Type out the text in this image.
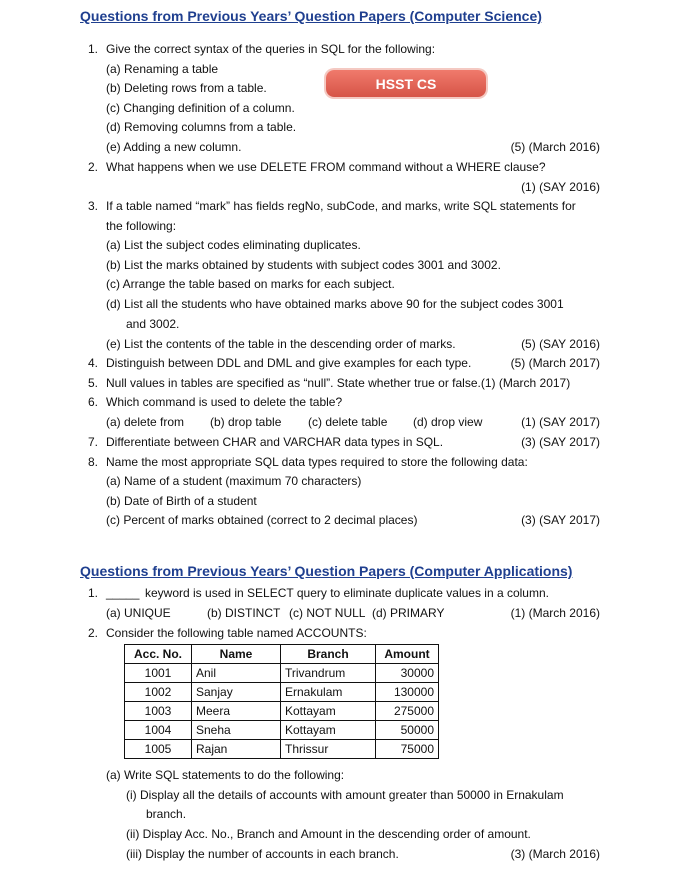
Questions from Previous Years’ Question Papers (Computer Science)
HSST CS
1. Give the correct syntax of the queries in SQL for the following:
(a) Renaming a table
(b) Deleting rows from a table.
(c) Changing definition of a column.
(d) Removing columns from a table.
(e) Adding a new column.	(5) (March 2016)
2. What happens when we use DELETE FROM command without a WHERE clause?
(1) (SAY 2016)
3. If a table named “mark” has fields regNo, subCode, and marks, write SQL statements for
the following:
(a) List the subject codes eliminating duplicates.
(b) List the marks obtained by students with subject codes 3001 and 3002.
(c) Arrange the table based on marks for each subject.
(d) List all the students who have obtained marks above 90 for the subject codes 3001
and 3002.
(e) List the contents of the table in the descending order of marks.	(5) (SAY 2016)
4. Distinguish between DDL and DML and give examples for each type.	(5) (March 2017)
5. Null values in tables are specified as “null”. State whether true or false.(1) (March 2017)
6. Which command is used to delete the table?
(a) delete from (b) drop table (c) delete table (d) drop view	(1) (SAY 2017)
7. Differentiate between CHAR and VARCHAR data types in SQL.	(3) (SAY 2017)
8. Name the most appropriate SQL data types required to store the following data:
(a) Name of a student (maximum 70 characters)
(b) Date of Birth of a student
(c) Percent of marks obtained (correct to 2 decimal places)	(3) (SAY 2017)
Questions from Previous Years’ Question Papers (Computer Applications)
1. _____ keyword is used in SELECT query to eliminate duplicate values in a column.
(a) UNIQUE	(b) DISTINCT (c) NOT NULL (d) PRIMARY	(1) (March 2016)
2. Consider the following table named ACCOUNTS:
Acc. No.	Name	Branch	Amount
1001	Anil	Trivandrum	30000
1002	Sanjay	Ernakulam	130000
1003	Meera	Kottayam	275000
1004	Sneha	Kottayam	50000
1005	Rajan	Thrissur	75000
(a) Write SQL statements to do the following:
(i) Display all the details of accounts with amount greater than 50000 in Ernakulam
branch.
(ii) Display Acc. No., Branch and Amount in the descending order of amount.
(iii) Display the number of accounts in each branch.	(3) (March 2016)
